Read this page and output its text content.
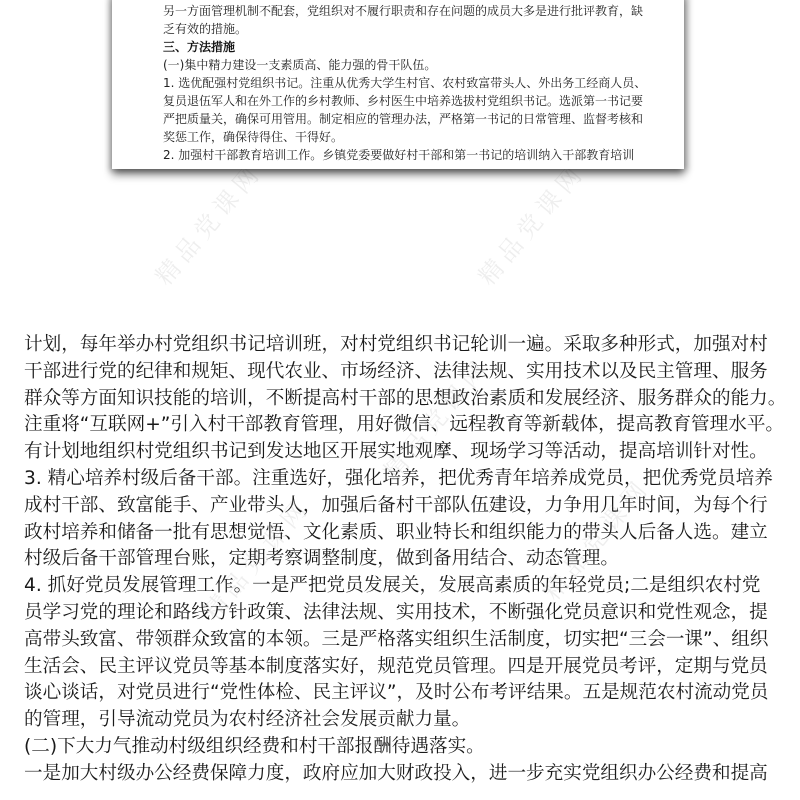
精品党课网	精品党课网
精品党课网
精品党课网	精品党课网

另一方面管理机制不配套，党组织对不履行职责和存在问题的成员大多是进行批评教育，缺

乏有效的措施。

三、方法措施

(一)集中精力建设一支素质高、能力强的骨干队伍。

1. 选优配强村党组织书记。注重从优秀大学生村官、农村致富带头人、外出务工经商人员、

复员退伍军人和在外工作的乡村教师、乡村医生中培养选拔村党组织书记。选派第一书记要

严把质量关，确保可用管用。制定相应的管理办法，严格第一书记的日常管理、监督考核和

奖惩工作，确保待得住、干得好。

2. 加强村干部教育培训工作。乡镇党委要做好村干部和第一书记的培训纳入干部教育培训

计划，每年举办村党组织书记培训班，对村党组织书记轮训一遍。采取多种形式，加强对村

干部进行党的纪律和规矩、现代农业、市场经济、法律法规、实用技术以及民主管理、服务

群众等方面知识技能的培训，不断提高村干部的思想政治素质和发展经济、服务群众的能力。

注重将“互联网+”引入村干部教育管理，用好微信、远程教育等新载体，提高教育管理水平。

有计划地组织村党组织书记到发达地区开展实地观摩、现场学习等活动，提高培训针对性。

3. 精心培养村级后备干部。注重选好，强化培养，把优秀青年培养成党员，把优秀党员培养

成村干部、致富能手、产业带头人，加强后备村干部队伍建设，力争用几年时间，为每个行

政村培养和储备一批有思想觉悟、文化素质、职业特长和组织能力的带头人后备人选。建立

村级后备干部管理台账，定期考察调整制度，做到备用结合、动态管理。

4. 抓好党员发展管理工作。一是严把党员发展关，发展高素质的年轻党员;二是组织农村党

员学习党的理论和路线方针政策、法律法规、实用技术，不断强化党员意识和党性观念，提

高带头致富、带领群众致富的本领。三是严格落实组织生活制度，切实把“三会一课”、组织

生活会、民主评议党员等基本制度落实好，规范党员管理。四是开展党员考评，定期与党员

谈心谈话，对党员进行“党性体检、民主评议”，及时公布考评结果。五是规范农村流动党员

的管理，引导流动党员为农村经济社会发展贡献力量。

(二)下大力气推动村级组织经费和村干部报酬待遇落实。

一是加大村级办公经费保障力度，政府应加大财政投入，进一步充实党组织办公经费和提高
